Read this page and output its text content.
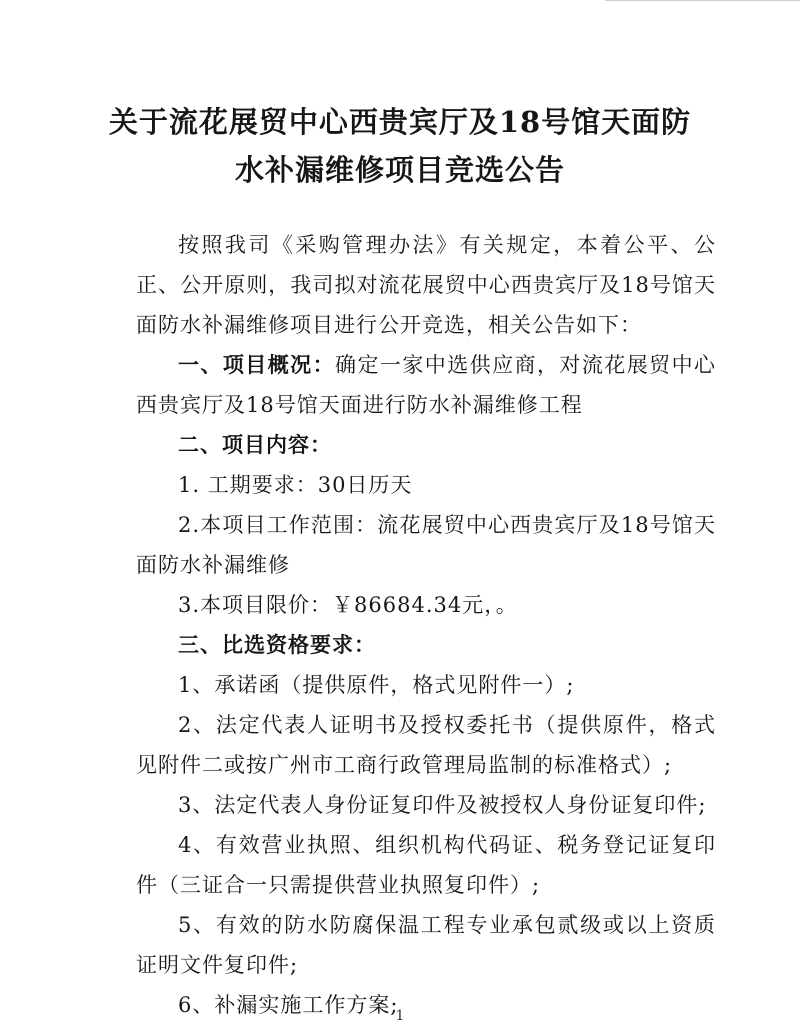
关于流花展贸中心西贵宾厅及18号馆天面防
水补漏维修项目竞选公告

按照我司《采购管理办法》有关规定，本着公平、公正、公开原则，我司拟对流花展贸中心西贵宾厅及18号馆天面防水补漏维修项目进行公开竞选，相关公告如下：

一、项目概况：确定一家中选供应商，对流花展贸中心西贵宾厅及18号馆天面进行防水补漏维修工程

二、项目内容：

1. 工期要求：30日历天

2.本项目工作范围：流花展贸中心西贵宾厅及18号馆天面防水补漏维修

3.本项目限价：￥86684.34元，。

三、比选资格要求：

1、承诺函（提供原件，格式见附件一）;

2、法定代表人证明书及授权委托书（提供原件，格式见附件二或按广州市工商行政管理局监制的标准格式）;

3、法定代表人身份证复印件及被授权人身份证复印件;

4、有效营业执照、组织机构代码证、税务登记证复印件（三证合一只需提供营业执照复印件）;

5、有效的防水防腐保温工程专业承包贰级或以上资质证明文件复印件;

6、补漏实施工作方案;

1
